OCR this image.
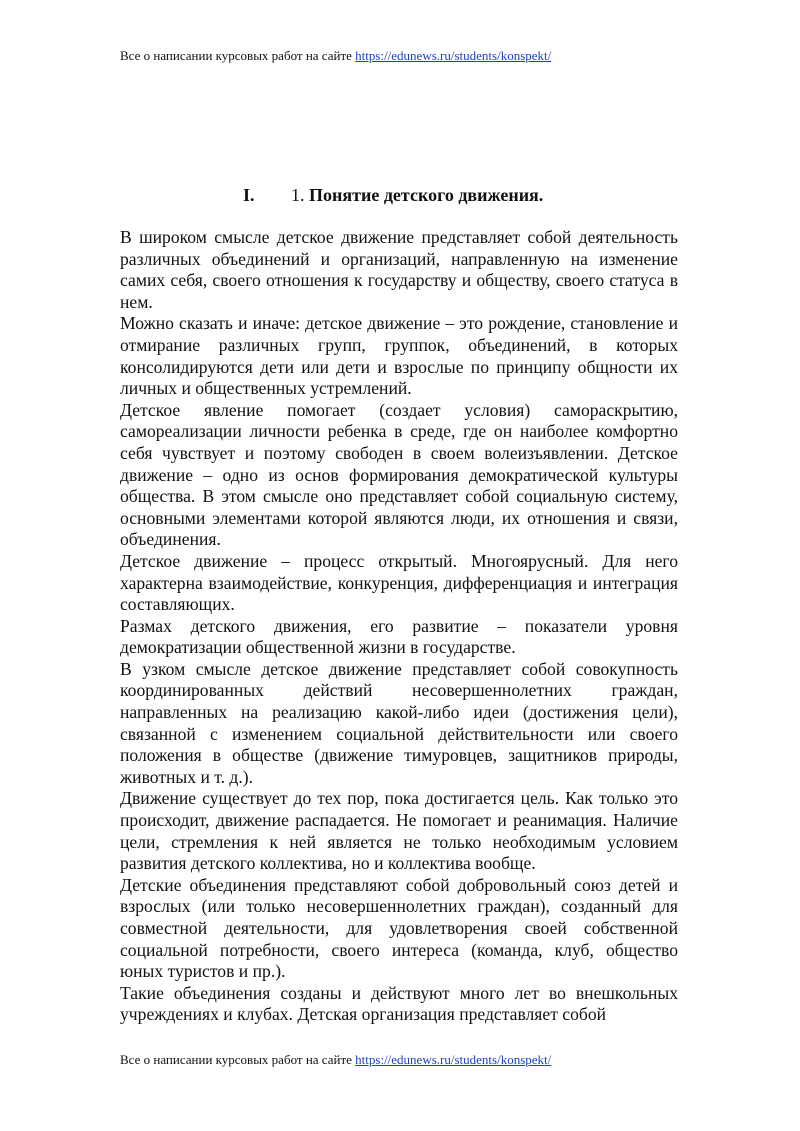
Все о написании курсовых работ на сайте https://edunews.ru/students/konspekt/
I. 1. Понятие детского движения.

В широком смысле детское движение представляет собой деятельность различных объединений и организаций, направленную на изменение самих себя, своего отношения к государству и обществу, своего статуса в нем.

Можно сказать и иначе: детское движение – это рождение, становление и отмирание различных групп, группок, объединений, в которых консолидируются дети или дети и взрослые по принципу общности их личных и общественных устремлений.

Детское явление помогает (создает условия) самораскрытию, самореализации личности ребенка в среде, где он наиболее комфортно себя чувствует и поэтому свободен в своем волеизъявлении. Детское движение – одно из основ формирования демократической культуры общества. В этом смысле оно представляет собой социальную систему, основными элементами которой являются люди, их отношения и связи, объединения.

Детское движение – процесс открытый. Многоярусный. Для него характерна взаимодействие, конкуренция, дифференциация и интеграция составляющих.

Размах детского движения, его развитие – показатели уровня демократизации общественной жизни в государстве.

В узком смысле детское движение представляет собой совокупность координированных действий несовершеннолетних граждан, направленных на реализацию какой-либо идеи (достижения цели), связанной с изменением социальной действительности или своего положения в обществе (движение тимуровцев, защитников природы, животных и т. д.).

Движение существует до тех пор, пока достигается цель. Как только это происходит, движение распадается. Не помогает и реанимация. Наличие цели, стремления к ней является не только необходимым условием развития детского коллектива, но и коллектива вообще.

Детские объединения представляют собой добровольный союз детей и взрослых (или только несовершеннолетних граждан), созданный для совместной деятельности, для удовлетворения своей собственной социальной потребности, своего интереса (команда, клуб, общество юных туристов и пр.).

Такие объединения созданы и действуют много лет во внешкольных учреждениях и клубах. Детская организация представляет собой

Все о написании курсовых работ на сайте https://edunews.ru/students/konspekt/
